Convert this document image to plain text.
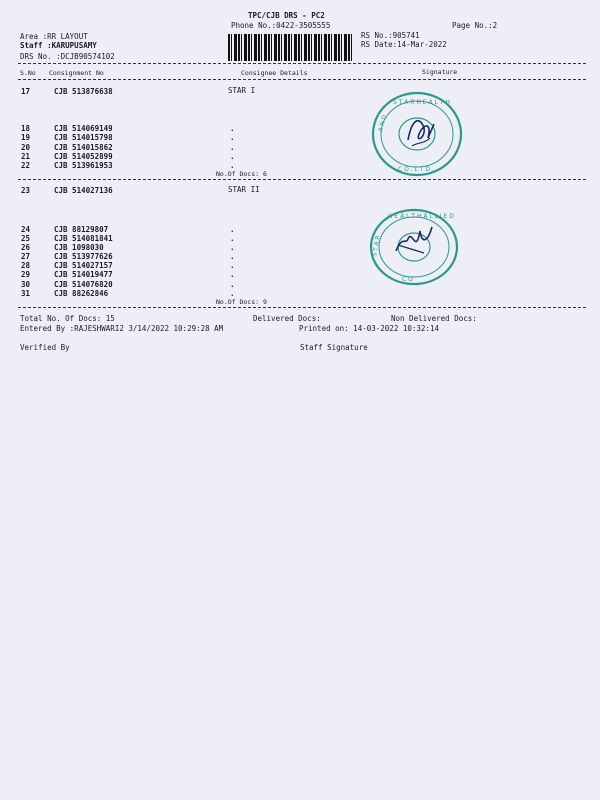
TPC/CJB DRS - PC2
Phone No.:0422-3505555	Page No.:2
Area :RR LAYOUT
Staff :KARUPUSAMY
DRS No. :DCJB90574102
RS No.:905741
RS Date:14-Mar-2022
S.No Consignment No	Consignee Details	Signature
17	CJB 513876638	STAR I
18	CJB 514069149	.
19	CJB 514015798	.
20	CJB 514015862	.
21	CJB 514052899	.
22	CJB 513961953	.
No.Of Docs: 6
23	CJB 514027136	STAR II
24	CJB 88129807	.
25	CJB 514081841	.
26	CJB 1098030	.
27	CJB 513977626	.
28	CJB 514027157	.
29	CJB 514019477	.
30	CJB 514076820	.
31	CJB 88262846	.
No.Of Docs: 9
Total No. Of Docs: 15	Delivered Docs:	Non Delivered Docs:
Entered By :RAJESHWARI2 3/14/2022 10:29:28 AM	Printed on: 14-03-2022 10:32:14
Verified By	Staff Signature
S T A R H E A L T H
A N D
C O . L T D .
H E A L T H A L L I E D
S T A R
C O
